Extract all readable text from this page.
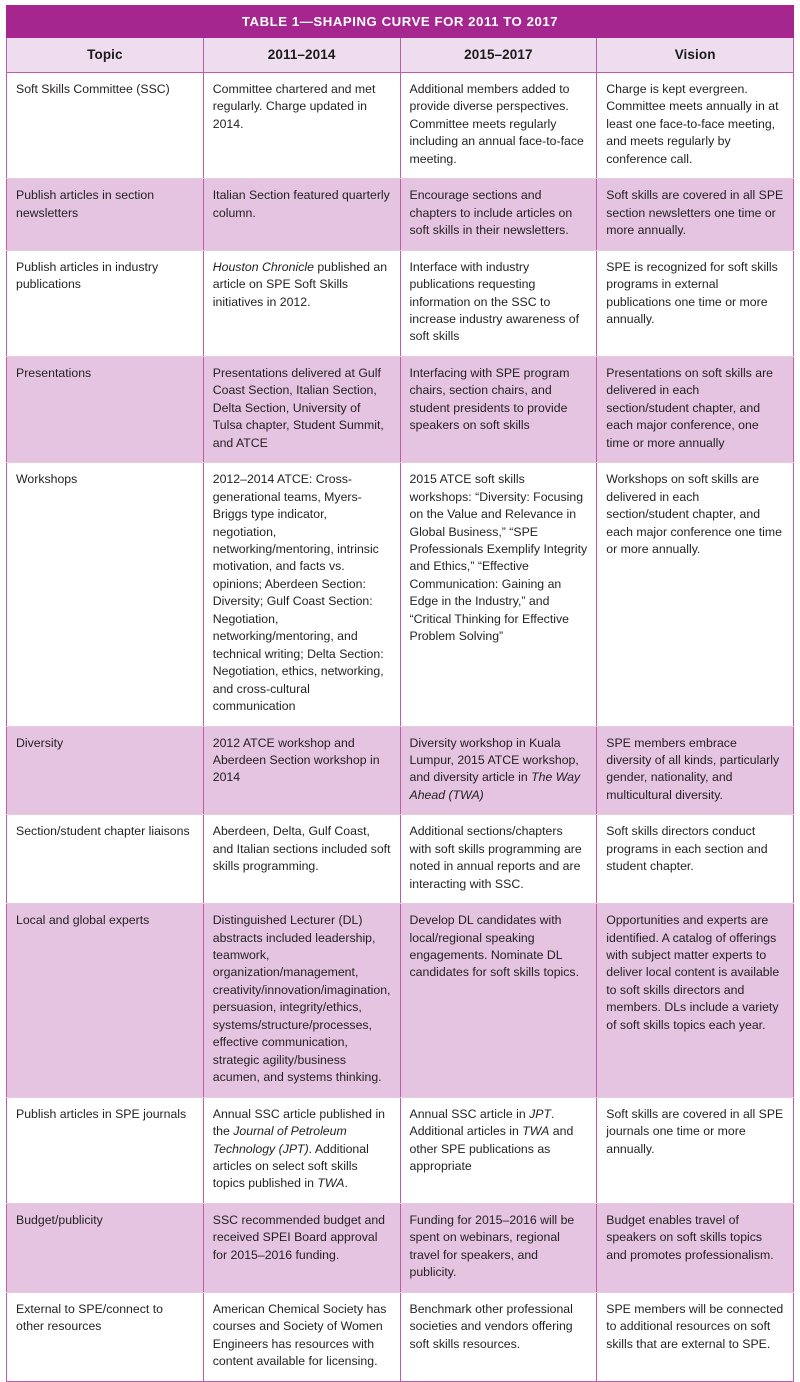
TABLE 1—SHAPING CURVE FOR 2011 TO 2017			
Topic	2011–2014	2015–2017	Vision
Soft Skills Committee (SSC)	Committee chartered and met regularly. Charge updated in 2014.	Additional members added to provide diverse perspectives. Committee meets regularly including an annual face-to-face meeting.	Charge is kept evergreen. Committee meets annually in at least one face-to-face meeting, and meets regularly by conference call.
Publish articles in section newsletters	Italian Section featured quarterly column.	Encourage sections and chapters to include articles on soft skills in their newsletters.	Soft skills are covered in all SPE section newsletters one time or more annually.
Publish articles in industry publications	Houston Chronicle published an article on SPE Soft Skills initiatives in 2012.	Interface with industry publications requesting information on the SSC to increase industry awareness of soft skills	SPE is recognized for soft skills programs in external publications one time or more annually.
Presentations	Presentations delivered at Gulf Coast Section, Italian Section, Delta Section, University of Tulsa chapter, Student Summit, and ATCE	Interfacing with SPE program chairs, section chairs, and student presidents to provide speakers on soft skills	Presentations on soft skills are delivered in each section/student chapter, and each major conference, one time or more annually
Workshops	2012–2014 ATCE: Cross-generational teams, Myers-Briggs type indicator, negotiation, networking/mentoring, intrinsic motivation, and facts vs. opinions; Aberdeen Section: Diversity; Gulf Coast Section: Negotiation, networking/mentoring, and technical writing; Delta Section: Negotiation, ethics, networking, and cross-cultural communication	2015 ATCE soft skills workshops: “Diversity: Focusing on the Value and Relevance in Global Business,” “SPE Professionals Exemplify Integrity and Ethics,” “Effective Communication: Gaining an Edge in the Industry,” and “Critical Thinking for Effective Problem Solving”	Workshops on soft skills are delivered in each section/student chapter, and each major conference one time or more annually.
Diversity	2012 ATCE workshop and Aberdeen Section workshop in 2014	Diversity workshop in Kuala Lumpur, 2015 ATCE workshop, and diversity article in The Way Ahead (TWA)	SPE members embrace diversity of all kinds, particularly gender, nationality, and multicultural diversity.
Section/student chapter liaisons	Aberdeen, Delta, Gulf Coast, and Italian sections included soft skills programming.	Additional sections/chapters with soft skills programming are noted in annual reports and are interacting with SSC.	Soft skills directors conduct programs in each section and student chapter.
Local and global experts	Distinguished Lecturer (DL) abstracts included leadership, teamwork, organization/management, creativity/innovation/imagination, persuasion, integrity/ethics, systems/structure/processes, effective communication, strategic agility/business acumen, and systems thinking.	Develop DL candidates with local/regional speaking engagements. Nominate DL candidates for soft skills topics.	Opportunities and experts are identified. A catalog of offerings with subject matter experts to deliver local content is available to soft skills directors and members. DLs include a variety of soft skills topics each year.
Publish articles in SPE journals	Annual SSC article published in the Journal of Petroleum Technology (JPT). Additional articles on select soft skills topics published in TWA.	Annual SSC article in JPT. Additional articles in TWA and other SPE publications as appropriate	Soft skills are covered in all SPE journals one time or more annually.
Budget/publicity	SSC recommended budget and received SPEI Board approval for 2015–2016 funding.	Funding for 2015–2016 will be spent on webinars, regional travel for speakers, and publicity.	Budget enables travel of speakers on soft skills topics and promotes professionalism.
External to SPE/connect to other resources	American Chemical Society has courses and Society of Women Engineers has resources with content available for licensing.	Benchmark other professional societies and vendors offering soft skills resources.	SPE members will be connected to additional resources on soft skills that are external to SPE.
